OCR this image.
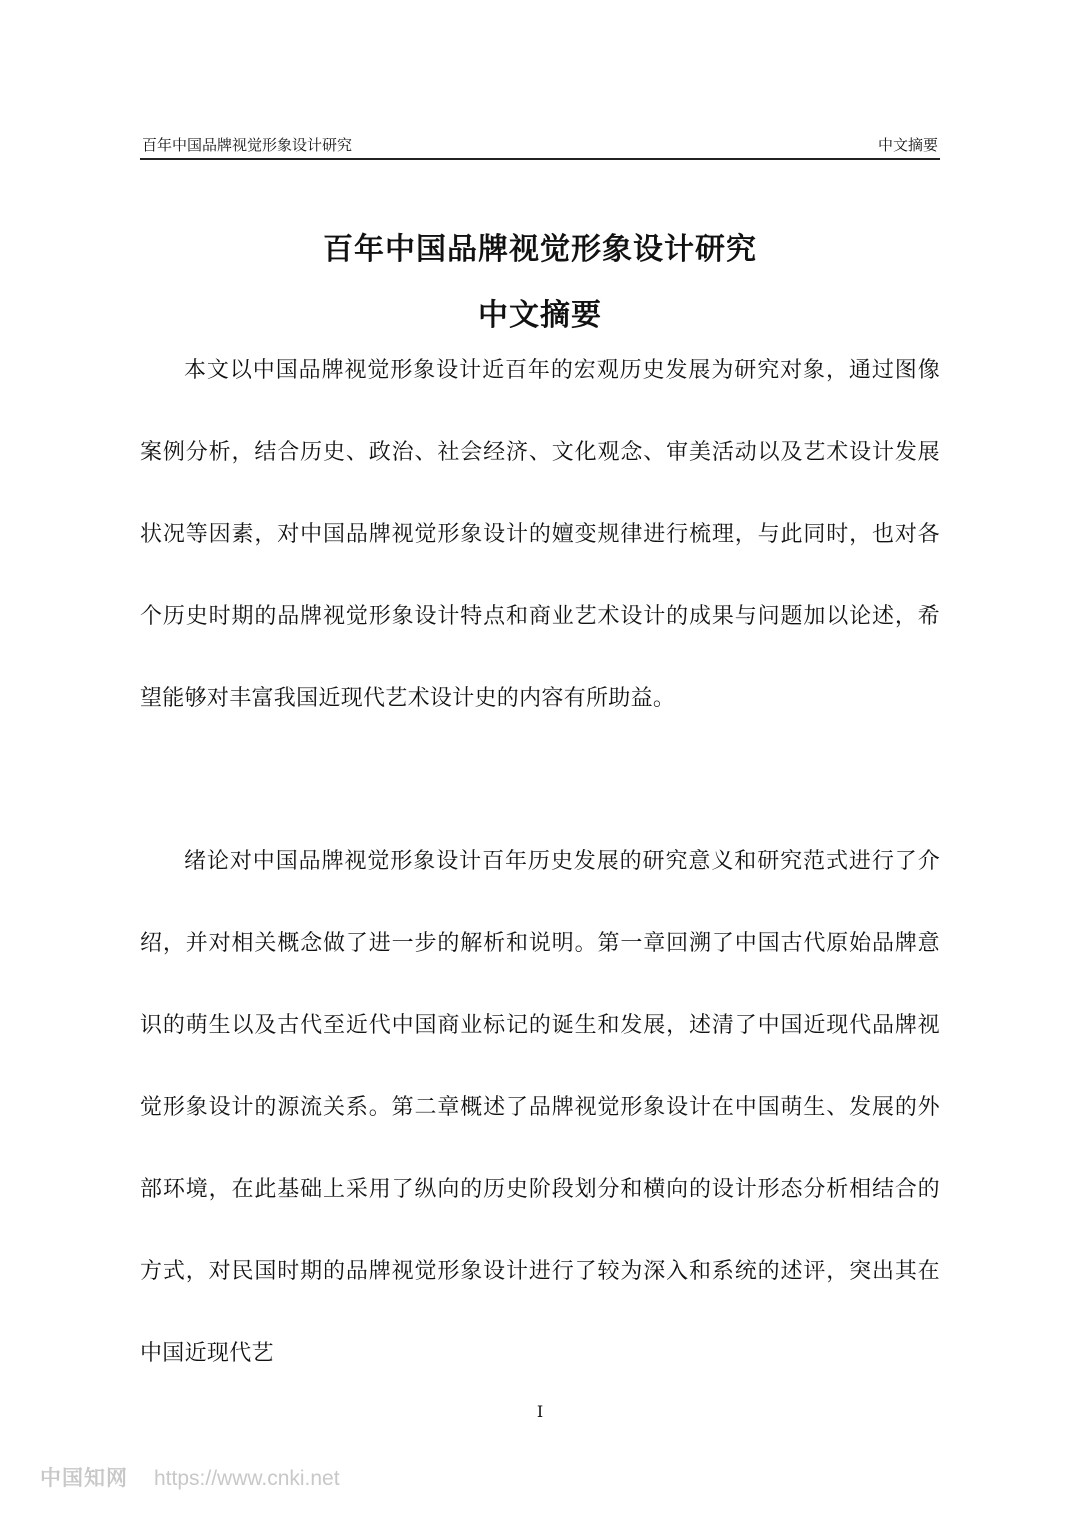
百年中国品牌视觉形象设计研究	中文摘要
百年中国品牌视觉形象设计研究
中文摘要

本文以中国品牌视觉形象设计近百年的宏观历史发展为研究对象，通过图像案例分析，结合历史、政治、社会经济、文化观念、审美活动以及艺术设计发展状况等因素，对中国品牌视觉形象设计的嬗变规律进行梳理，与此同时，也对各个历史时期的品牌视觉形象设计特点和商业艺术设计的成果与问题加以论述，希望能够对丰富我国近现代艺术设计史的内容有所助益。

绪论对中国品牌视觉形象设计百年历史发展的研究意义和研究范式进行了介绍，并对相关概念做了进一步的解析和说明。第一章回溯了中国古代原始品牌意识的萌生以及古代至近代中国商业标记的诞生和发展，述清了中国近现代品牌视觉形象设计的源流关系。第二章概述了品牌视觉形象设计在中国萌生、发展的外部环境，在此基础上采用了纵向的历史阶段划分和横向的设计形态分析相结合的方式，对民国时期的品牌视觉形象设计进行了较为深入和系统的述评，突出其在中国近现代艺

I
中国知网 https://www.cnki.net
